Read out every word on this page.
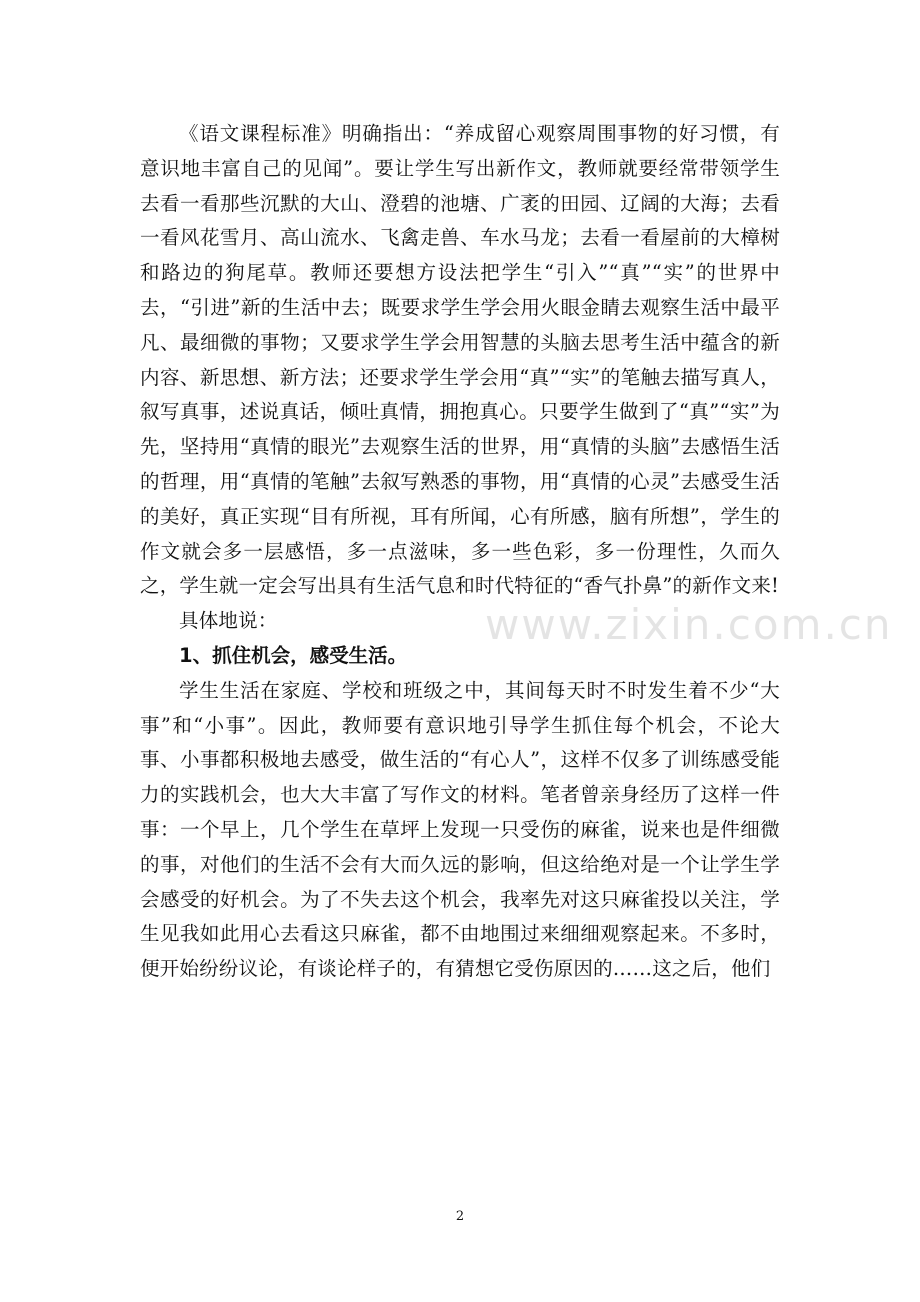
《语文课程标准》明确指出：“养成留心观察周围事物的好习惯，有意识地丰富自己的见闻”。要让学生写出新作文，教师就要经常带领学生去看一看那些沉默的大山、澄碧的池塘、广袤的田园、辽阔的大海；去看一看风花雪月、高山流水、飞禽走兽、车水马龙；去看一看屋前的大樟树和路边的狗尾草。教师还要想方设法把学生“引入”“真”“实”的世界中去，“引进”新的生活中去；既要求学生学会用火眼金睛去观察生活中最平凡、最细微的事物；又要求学生学会用智慧的头脑去思考生活中蕴含的新内容、新思想、新方法；还要求学生学会用“真”“实”的笔触去描写真人，叙写真事，述说真话，倾吐真情，拥抱真心。只要学生做到了“真”“实”为先，坚持用“真情的眼光”去观察生活的世界，用“真情的头脑”去感悟生活的哲理，用“真情的笔触”去叙写熟悉的事物，用“真情的心灵”去感受生活的美好，真正实现“目有所视，耳有所闻，心有所感，脑有所想”，学生的作文就会多一层感悟，多一点滋味，多一些色彩，多一份理性，久而久之，学生就一定会写出具有生活气息和时代特征的“香气扑鼻”的新作文来!

具体地说：

1、抓住机会，感受生活。

学生生活在家庭、学校和班级之中，其间每天时不时发生着不少“大事”和“小事”。因此，教师要有意识地引导学生抓住每个机会，不论大事、小事都积极地去感受，做生活的“有心人”，这样不仅多了训练感受能力的实践机会，也大大丰富了写作文的材料。笔者曾亲身经历了这样一件事：一个早上，几个学生在草坪上发现一只受伤的麻雀，说来也是件细微的事，对他们的生活不会有大而久远的影响，但这给绝对是一个让学生学会感受的好机会。为了不失去这个机会，我率先对这只麻雀投以关注，学生见我如此用心去看这只麻雀，都不由地围过来细细观察起来。不多时，便开始纷纷议论，有谈论样子的，有猜想它受伤原因的……这之后，他们

www.zixin.com.cn
2
